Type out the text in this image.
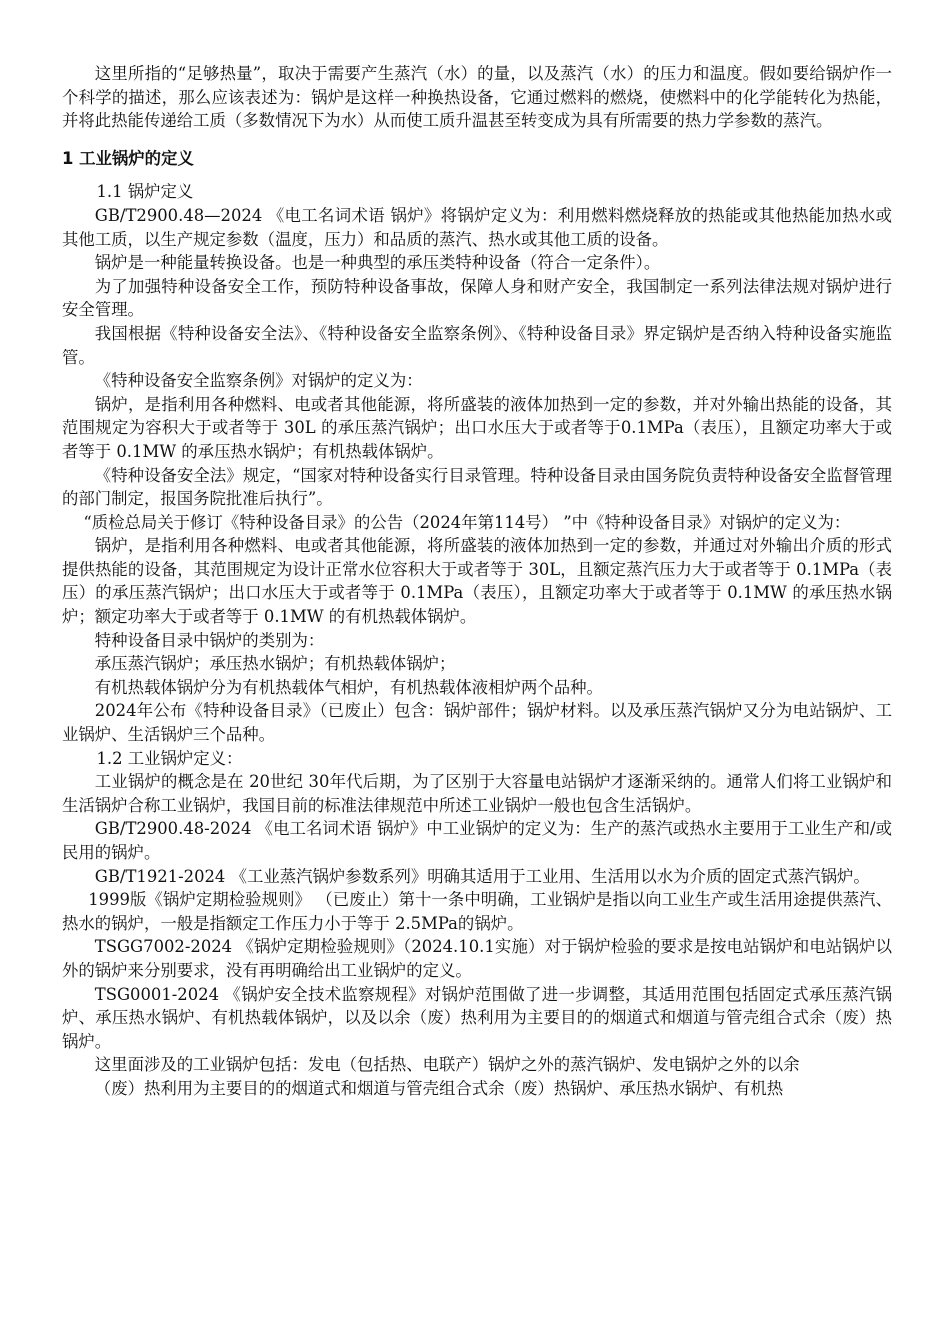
这里所指的“足够热量”，取决于需要产生蒸汽（水）的量，以及蒸汽（水）的压力和温度。假如要给锅炉作一个科学的描述，那么应该表述为：锅炉是这样一种换热设备，它通过燃料的燃烧，使燃料中的化学能转化为热能，并将此热能传递给工质（多数情况下为水）从而使工质升温甚至转变成为具有所需要的热力学参数的蒸汽。

1 工业锅炉的定义

1.1 锅炉定义

GB/T2900.48—2024 《电工名词术语 锅炉》将锅炉定义为：利用燃料燃烧释放的热能或其他热能加热水或其他工质，以生产规定参数（温度，压力）和品质的蒸汽、热水或其他工质的设备。

锅炉是一种能量转换设备。也是一种典型的承压类特种设备（符合一定条件）。

为了加强特种设备安全工作，预防特种设备事故，保障人身和财产安全，我国制定一系列法律法规对锅炉进行安全管理。

我国根据《特种设备安全法》、《特种设备安全监察条例》、《特种设备目录》界定锅炉是否纳入特种设备实施监管。

《特种设备安全监察条例》对锅炉的定义为：

锅炉，是指利用各种燃料、电或者其他能源，将所盛装的液体加热到一定的参数，并对外输出热能的设备，其范围规定为容积大于或者等于 30L 的承压蒸汽锅炉；出口水压大于或者等于0.1MPa（表压），且额定功率大于或者等于 0.1MW 的承压热水锅炉；有机热载体锅炉。

《特种设备安全法》规定，“国家对特种设备实行目录管理。特种设备目录由国务院负责特种设备安全监督管理的部门制定，报国务院批准后执行”。

“质检总局关于修订《特种设备目录》的公告（2024年第114号） ”中《特种设备目录》对锅炉的定义为：

锅炉，是指利用各种燃料、电或者其他能源，将所盛装的液体加热到一定的参数，并通过对外输出介质的形式提供热能的设备，其范围规定为设计正常水位容积大于或者等于 30L，且额定蒸汽压力大于或者等于 0.1MPa（表压）的承压蒸汽锅炉；出口水压大于或者等于 0.1MPa（表压），且额定功率大于或者等于 0.1MW 的承压热水锅炉；额定功率大于或者等于 0.1MW 的有机热载体锅炉。

特种设备目录中锅炉的类别为：

承压蒸汽锅炉；承压热水锅炉；有机热载体锅炉；

有机热载体锅炉分为有机热载体气相炉，有机热载体液相炉两个品种。

2024年公布《特种设备目录》（已废止）包含：锅炉部件；锅炉材料。以及承压蒸汽锅炉又分为电站锅炉、工业锅炉、生活锅炉三个品种。

1.2 工业锅炉定义：

工业锅炉的概念是在 20世纪 30年代后期，为了区别于大容量电站锅炉才逐渐采纳的。通常人们将工业锅炉和生活锅炉合称工业锅炉，我国目前的标准法律规范中所述工业锅炉一般也包含生活锅炉。

GB/T2900.48-2024 《电工名词术语 锅炉》中工业锅炉的定义为：生产的蒸汽或热水主要用于工业生产和/或民用的锅炉。

GB/T1921-2024 《工业蒸汽锅炉参数系列》明确其适用于工业用、生活用以水为介质的固定式蒸汽锅炉。

1999版《锅炉定期检验规则》 （已废止）第十一条中明确，工业锅炉是指以向工业生产或生活用途提供蒸汽、热水的锅炉，一般是指额定工作压力小于等于 2.5MPa的锅炉。

TSGG7002-2024 《锅炉定期检验规则》（2024.10.1实施）对于锅炉检验的要求是按电站锅炉和电站锅炉以外的锅炉来分别要求，没有再明确给出工业锅炉的定义。

TSG0001-2024 《锅炉安全技术监察规程》对锅炉范围做了进一步调整，其适用范围包括固定式承压蒸汽锅炉、承压热水锅炉、有机热载体锅炉，以及以余（废）热利用为主要目的的烟道式和烟道与管壳组合式余（废）热锅炉。

这里面涉及的工业锅炉包括：发电（包括热、电联产）锅炉之外的蒸汽锅炉、发电锅炉之外的以余

（废）热利用为主要目的的烟道式和烟道与管壳组合式余（废）热锅炉、承压热水锅炉、有机热
